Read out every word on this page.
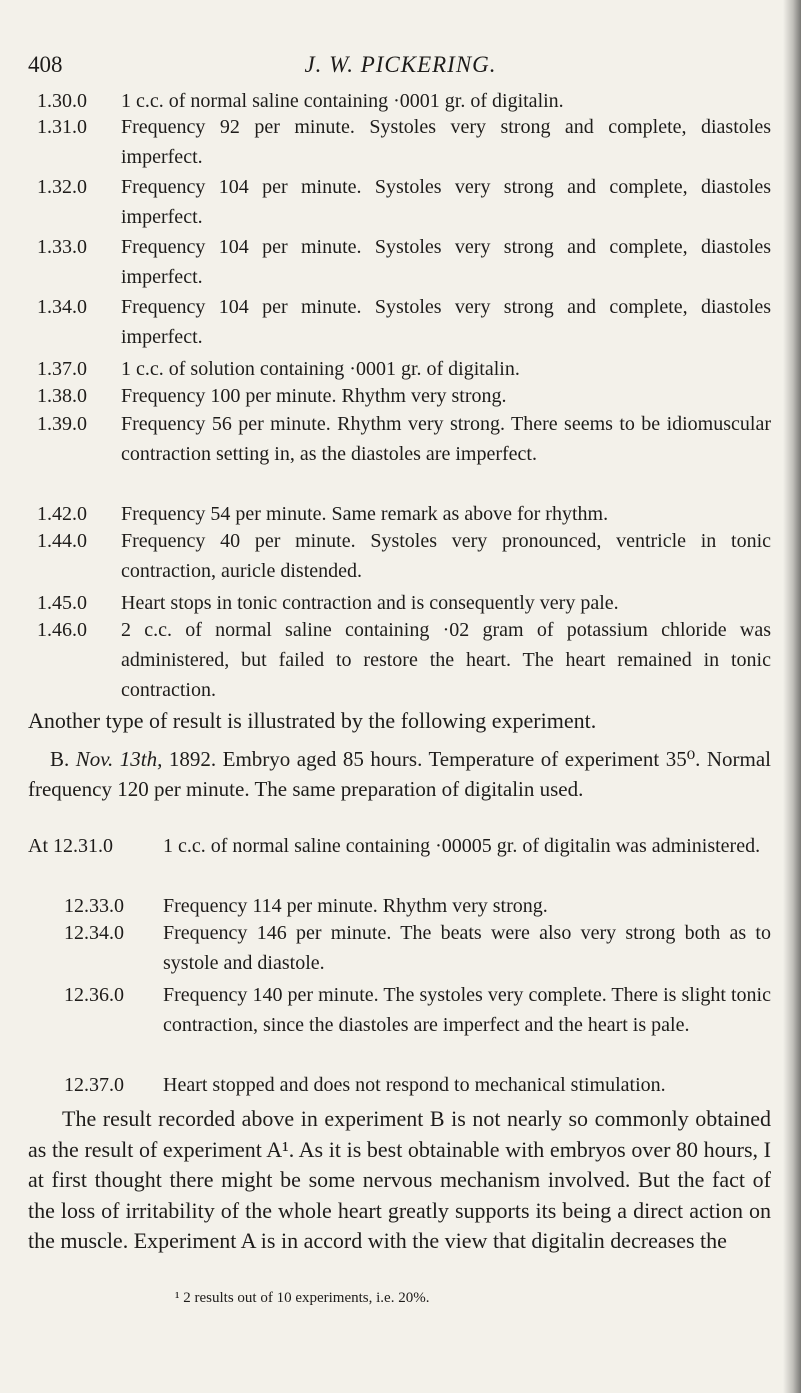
408	J. W. PICKERING.
1.30.0 1 c.c. of normal saline containing ·0001 gr. of digitalin.
1.31.0 Frequency 92 per minute. Systoles very strong and complete, diastoles imperfect.
1.32.0 Frequency 104 per minute. Systoles very strong and complete, diastoles imperfect.
1.33.0 Frequency 104 per minute. Systoles very strong and complete, diastoles imperfect.
1.34.0 Frequency 104 per minute. Systoles very strong and complete, diastoles imperfect.
1.37.0 1 c.c. of solution containing ·0001 gr. of digitalin.
1.38.0 Frequency 100 per minute. Rhythm very strong.
1.39.0 Frequency 56 per minute. Rhythm very strong. There seems to be idiomuscular contraction setting in, as the diastoles are imperfect.
1.42.0 Frequency 54 per minute. Same remark as above for rhythm.
1.44.0 Frequency 40 per minute. Systoles very pronounced, ventricle in tonic contraction, auricle distended.
1.45.0 Heart stops in tonic contraction and is consequently very pale.
1.46.0 2 c.c. of normal saline containing ·02 gram of potassium chloride was administered, but failed to restore the heart. The heart remained in tonic contraction.
Another type of result is illustrated by the following experiment.
B. Nov. 13th, 1892. Embryo aged 85 hours. Temperature of experiment 35⁰. Normal frequency 120 per minute. The same preparation of digitalin used.
At 12.31.0	1 c.c. of normal saline containing ·00005 gr. of digitalin was administered.
12.33.0 Frequency 114 per minute. Rhythm very strong.
12.34.0 Frequency 146 per minute. The beats were also very strong both as to systole and diastole.
12.36.0 Frequency 140 per minute. The systoles very complete. There is slight tonic contraction, since the diastoles are imperfect and the heart is pale.
12.37.0 Heart stopped and does not respond to mechanical stimulation.
The result recorded above in experiment B is not nearly so commonly obtained as the result of experiment A¹. As it is best obtainable with embryos over 80 hours, I at first thought there might be some nervous mechanism involved. But the fact of the loss of irritability of the whole heart greatly supports its being a direct action on the muscle. Experiment A is in accord with the view that digitalin decreases the
¹ 2 results out of 10 experiments, i.e. 20%.
